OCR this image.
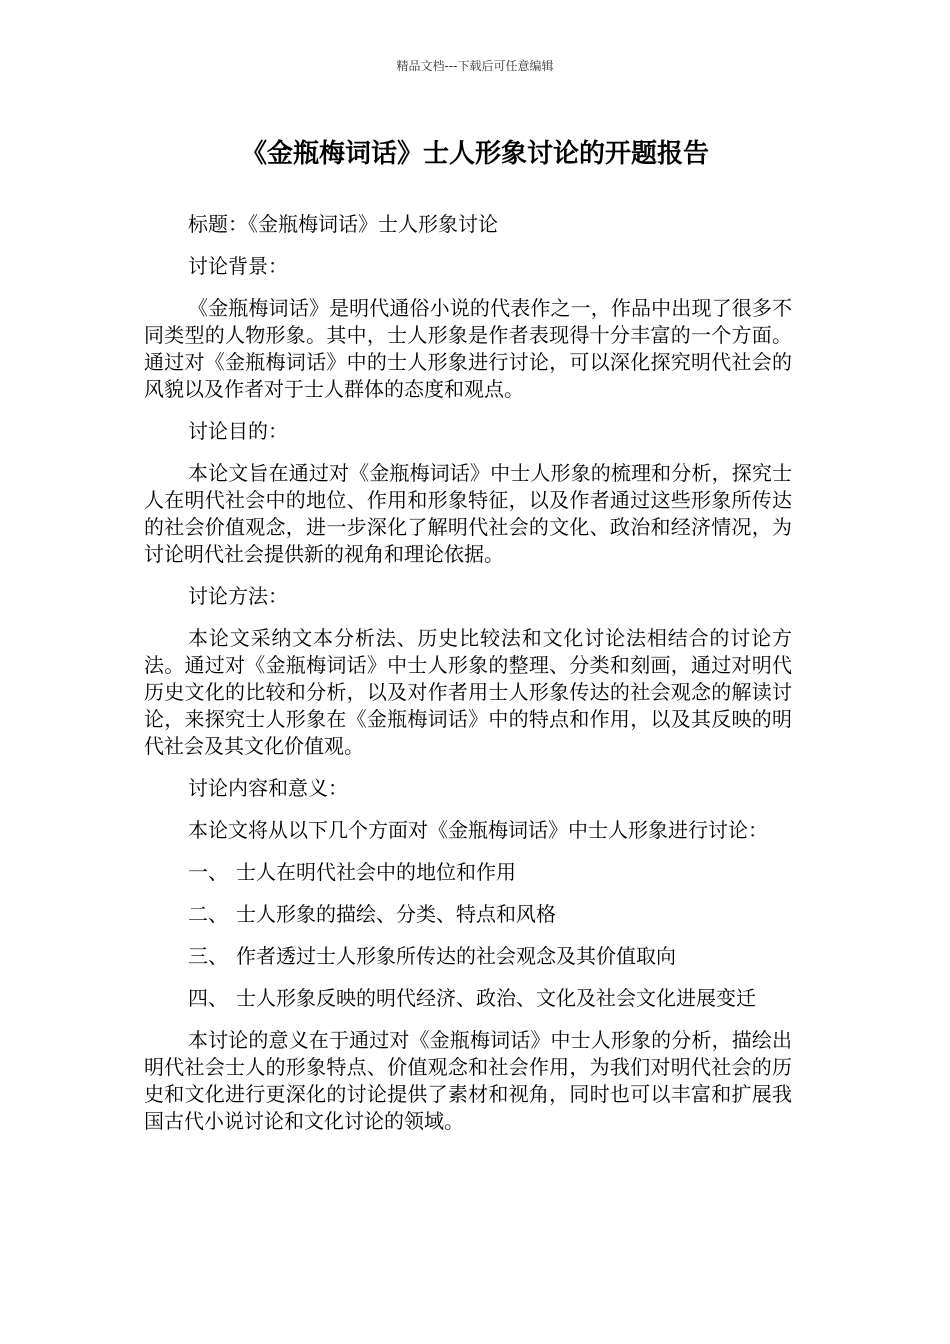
精品文档---下载后可任意编辑
《金瓶梅词话》士人形象讨论的开题报告

标题：《金瓶梅词话》士人形象讨论

讨论背景：

《金瓶梅词话》是明代通俗小说的代表作之一，作品中出现了很多不同类型的人物形象。其中，士人形象是作者表现得十分丰富的一个方面。通过对《金瓶梅词话》中的士人形象进行讨论，可以深化探究明代社会的风貌以及作者对于士人群体的态度和观点。

讨论目的：

本论文旨在通过对《金瓶梅词话》中士人形象的梳理和分析，探究士人在明代社会中的地位、作用和形象特征，以及作者通过这些形象所传达的社会价值观念，进一步深化了解明代社会的文化、政治和经济情况，为讨论明代社会提供新的视角和理论依据。

讨论方法：

本论文采纳文本分析法、历史比较法和文化讨论法相结合的讨论方法。通过对《金瓶梅词话》中士人形象的整理、分类和刻画，通过对明代历史文化的比较和分析，以及对作者用士人形象传达的社会观念的解读讨论，来探究士人形象在《金瓶梅词话》中的特点和作用，以及其反映的明代社会及其文化价值观。

讨论内容和意义：

本论文将从以下几个方面对《金瓶梅词话》中士人形象进行讨论：

一、 士人在明代社会中的地位和作用
二、 士人形象的描绘、分类、特点和风格
三、 作者透过士人形象所传达的社会观念及其价值取向
四、 士人形象反映的明代经济、政治、文化及社会文化进展变迁

本讨论的意义在于通过对《金瓶梅词话》中士人形象的分析，描绘出明代社会士人的形象特点、价值观念和社会作用，为我们对明代社会的历史和文化进行更深化的讨论提供了素材和视角，同时也可以丰富和扩展我国古代小说讨论和文化讨论的领域。
